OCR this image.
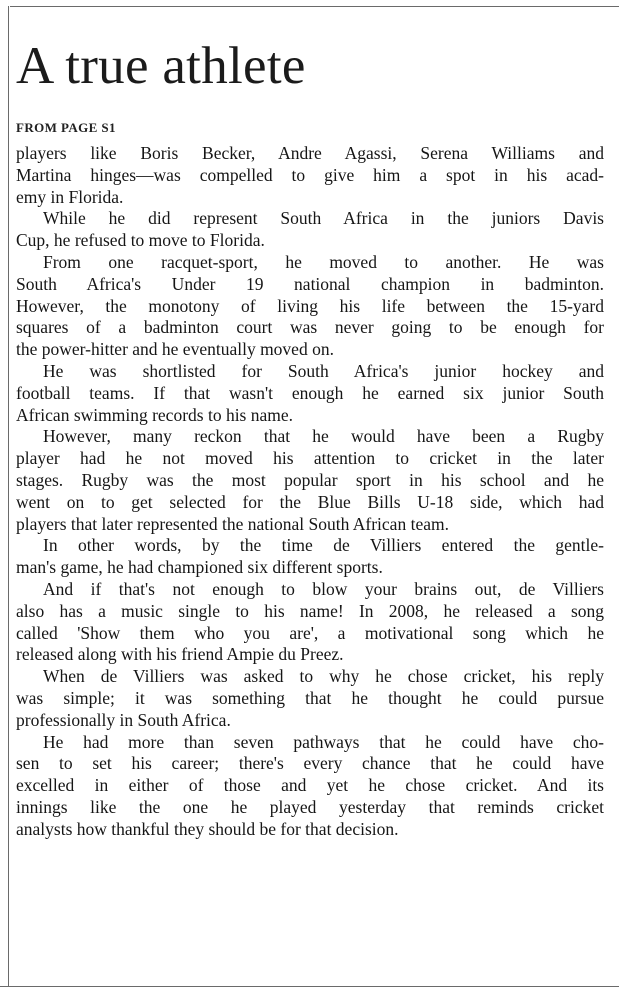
A true athlete
FROM PAGE S1

players like Boris Becker, Andre Agassi, Serena Williams and
Martina hinges—was compelled to give him a spot in his acad-
emy in Florida.

While he did represent South Africa in the juniors Davis
Cup, he refused to move to Florida.

From one racquet-sport, he moved to another. He was
South Africa's Under 19 national champion in badminton.
However, the monotony of living his life between the 15-yard
squares of a badminton court was never going to be enough for
the power-hitter and he eventually moved on.

He was shortlisted for South Africa's junior hockey and
football teams. If that wasn't enough he earned six junior South
African swimming records to his name.

However, many reckon that he would have been a Rugby
player had he not moved his attention to cricket in the later
stages. Rugby was the most popular sport in his school and he
went on to get selected for the Blue Bills U-18 side, which had
players that later represented the national South African team.

In other words, by the time de Villiers entered the gentle-
man's game, he had championed six different sports.

And if that's not enough to blow your brains out, de Villiers
also has a music single to his name! In 2008, he released a song
called 'Show them who you are', a motivational song which he
released along with his friend Ampie du Preez.

When de Villiers was asked to why he chose cricket, his reply
was simple; it was something that he thought he could pursue
professionally in South Africa.

He had more than seven pathways that he could have cho-
sen to set his career; there's every chance that he could have
excelled in either of those and yet he chose cricket. And its
innings like the one he played yesterday that reminds cricket
analysts how thankful they should be for that decision.
